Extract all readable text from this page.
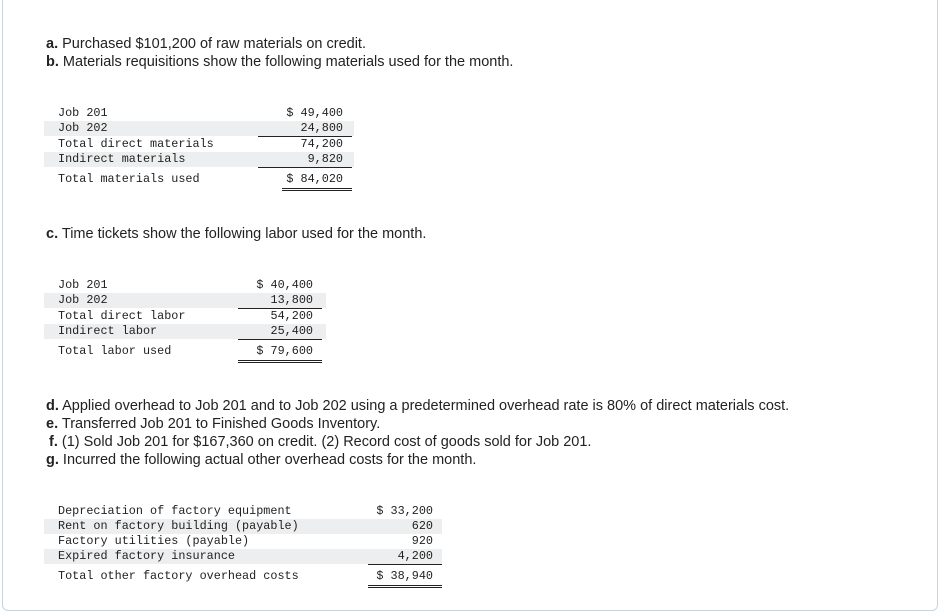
a. Purchased $101,200 of raw materials on credit.
b. Materials requisitions show the following materials used for the month.
Job 201	$ 49,400
Job 202	24,800
Total direct materials	74,200
Indirect materials	9,820
Total materials used	$ 84,020
c. Time tickets show the following labor used for the month.
Job 201	$ 40,400
Job 202	13,800
Total direct labor	54,200
Indirect labor	25,400
Total labor used	$ 79,600
d. Applied overhead to Job 201 and to Job 202 using a predetermined overhead rate is 80% of direct materials cost.
e. Transferred Job 201 to Finished Goods Inventory.
f. (1) Sold Job 201 for $167,360 on credit. (2) Record cost of goods sold for Job 201.
g. Incurred the following actual other overhead costs for the month.
Depreciation of factory equipment	$ 33,200
Rent on factory building (payable)	620
Factory utilities (payable)	920
Expired factory insurance	4,200
Total other factory overhead costs	$ 38,940
